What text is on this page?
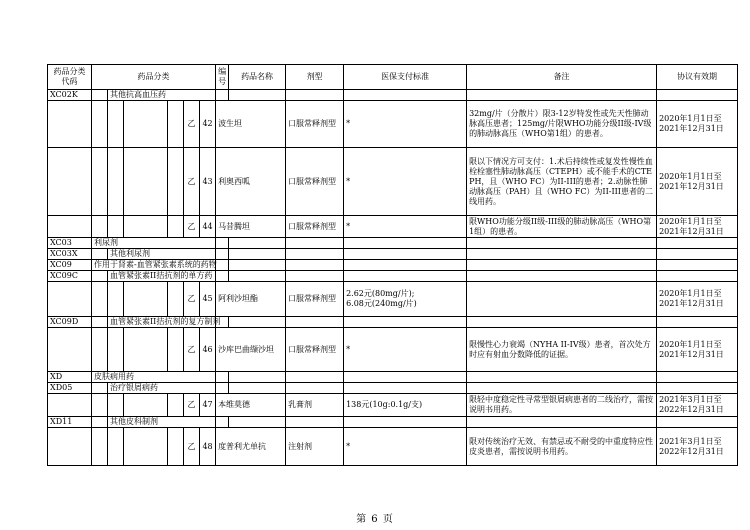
药品分类代码	药品分类						编号	药品名称	剂型	医保支付标准	备注	协议有效期
XC02K		其他抗高血压药										
					乙	42	波生坦		口服常释剂型	*	32mg/片（分散片）限3-12岁特发性或先天性肺动脉高压患者；125mg/片限WHO功能分级II级-IV级的肺动脉高压（WHO第1组）的患者。	2020年1月1日至
2021年12月31日
					乙	43	利奥西呱		口服常释剂型	*	限以下情况方可支付：1.术后持续性或复发性慢性血栓栓塞性肺动脉高压（CTEPH）或不能手术的CTEPH，且（WHO FC）为II-III的患者；2.动脉性肺动脉高压（PAH）且（WHO FC）为II-III患者的二线用药。	2020年1月1日至
2021年12月31日
					乙	44	马昔腾坦		口服常释剂型	*	限WHO功能分级II级-III级的肺动脉高压（WHO第1组）的患者。	2020年1月1日至
2021年12月31日
XC03	利尿剂											
XC03X		其他利尿剂										
XC09	作用于肾素-血管紧张素系统的药物											
XC09C		血管紧张素II拮抗剂的单方药										
					乙	45	阿利沙坦酯		口服常释剂型	2.62元(80mg/片);
6.08元(240mg/片)		2020年1月1日至
2021年12月31日
XC09D		血管紧张素II拮抗剂的复方制剂										
					乙	46	沙库巴曲缬沙坦		口服常释剂型	*	限慢性心力衰竭（NYHA II-IV级）患者，首次处方时应有射血分数降低的证据。	2020年1月1日至
2021年12月31日
XD	皮肤病用药											
XD05		治疗银屑病药										
					乙	47	本维莫德		乳膏剂	138元(10g:0.1g/支)	限轻中度稳定性寻常型银屑病患者的二线治疗，需按说明书用药。	2021年3月1日至
2022年12月31日
XD11		其他皮科制剂										
					乙	48	度普利尤单抗		注射剂	*	限对传统治疗无效、有禁忌或不耐受的中重度特应性皮炎患者，需按说明书用药。	2021年3月1日至
2022年12月31日
第 6 页
